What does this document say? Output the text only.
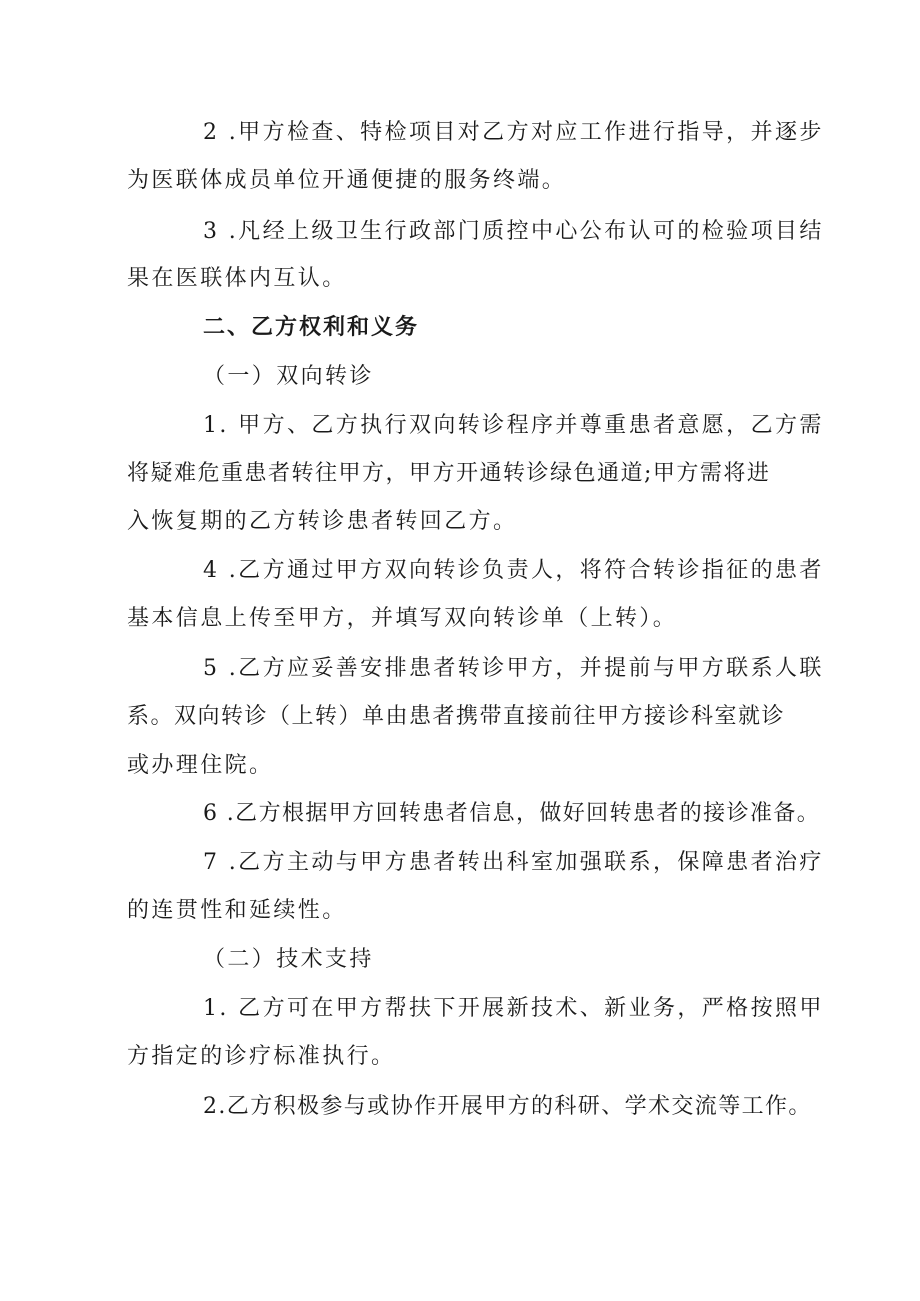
2 .甲方检查、特检项目对乙方对应工作进行指导，并逐步
为医联体成员单位开通便捷的服务终端。
3 .凡经上级卫生行政部门质控中心公布认可的检验项目结
果在医联体内互认。
二、乙方权利和义务
（一）双向转诊
1. 甲方、乙方执行双向转诊程序并尊重患者意愿，乙方需
将疑难危重患者转往甲方，甲方开通转诊绿色通道;甲方需将进
入恢复期的乙方转诊患者转回乙方。
4 .乙方通过甲方双向转诊负责人，将符合转诊指征的患者
基本信息上传至甲方，并填写双向转诊单（上转）。
5 .乙方应妥善安排患者转诊甲方，并提前与甲方联系人联
系。双向转诊（上转）单由患者携带直接前往甲方接诊科室就诊
或办理住院。
6 .乙方根据甲方回转患者信息，做好回转患者的接诊准备。
7 .乙方主动与甲方患者转出科室加强联系，保障患者治疗
的连贯性和延续性。
（二）技术支持
1. 乙方可在甲方帮扶下开展新技术、新业务，严格按照甲
方指定的诊疗标准执行。
2.乙方积极参与或协作开展甲方的科研、学术交流等工作。
